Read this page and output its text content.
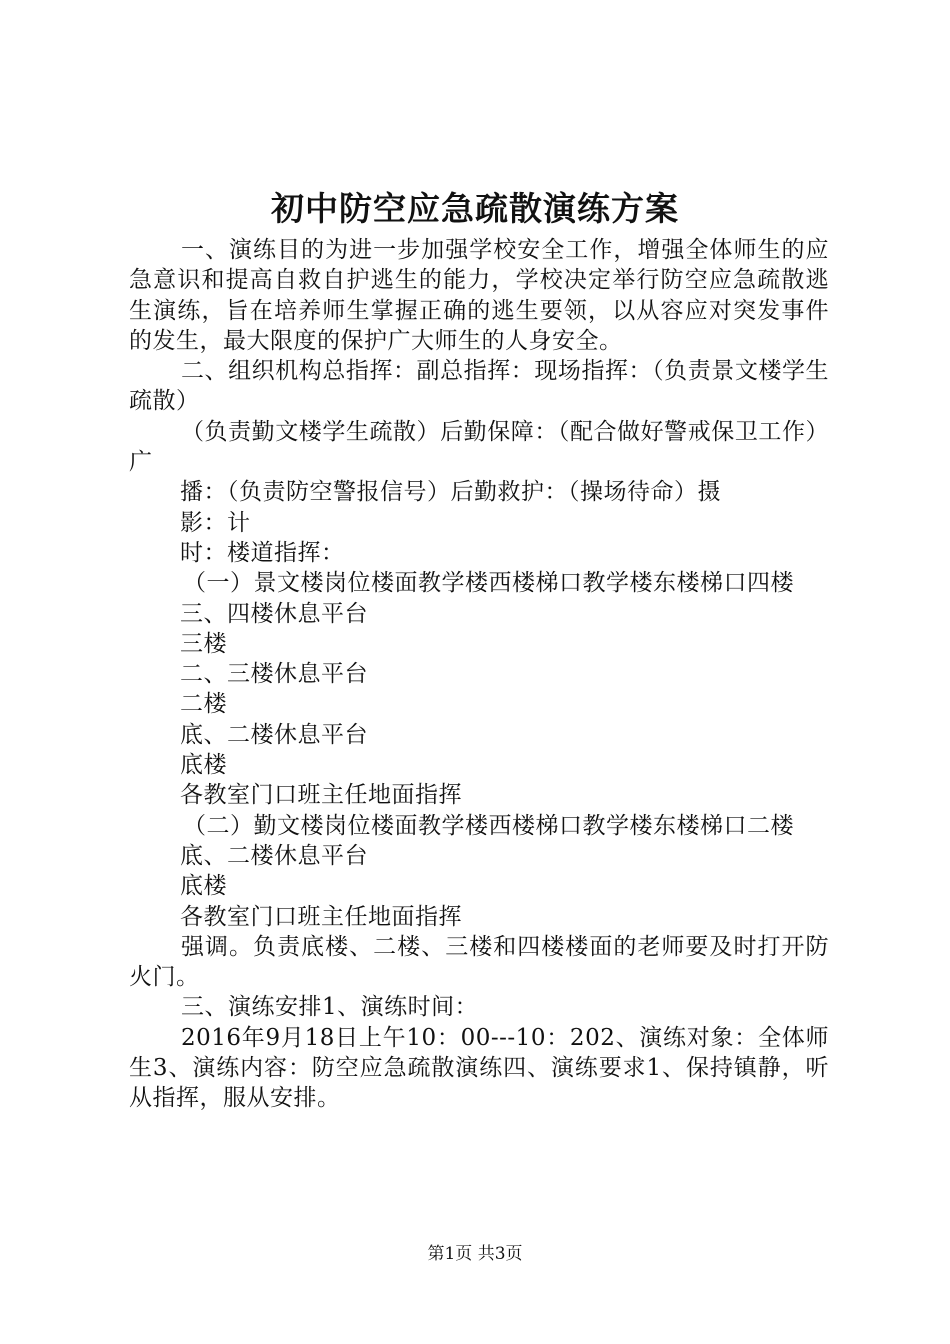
初中防空应急疏散演练方案

一、演练目的为进一步加强学校安全工作，增强全体师生的应急意识和提高自救自护逃生的能力，学校决定举行防空应急疏散逃生演练，旨在培养师生掌握正确的逃生要领，以从容应对突发事件的发生，最大限度的保护广大师生的人身安全。

二、组织机构总指挥：副总指挥：现场指挥：（负责景文楼学生疏散）

（负责勤文楼学生疏散）后勤保障：（配合做好警戒保卫工作）广

播：（负责防空警报信号）后勤救护：（操场待命）摄

影：计

时：楼道指挥：

（一）景文楼岗位楼面教学楼西楼梯口教学楼东楼梯口四楼

三、四楼休息平台

三楼

二、三楼休息平台

二楼

底、二楼休息平台

底楼

各教室门口班主任地面指挥

（二）勤文楼岗位楼面教学楼西楼梯口教学楼东楼梯口二楼

底、二楼休息平台

底楼

各教室门口班主任地面指挥

强调。负责底楼、二楼、三楼和四楼楼面的老师要及时打开防火门。

三、演练安排1、演练时间：

2016年9月18日上午10：00---10：202、演练对象：全体师生3、演练内容：防空应急疏散演练四、演练要求1、保持镇静，听从指挥，服从安排。

第1页 共3页
